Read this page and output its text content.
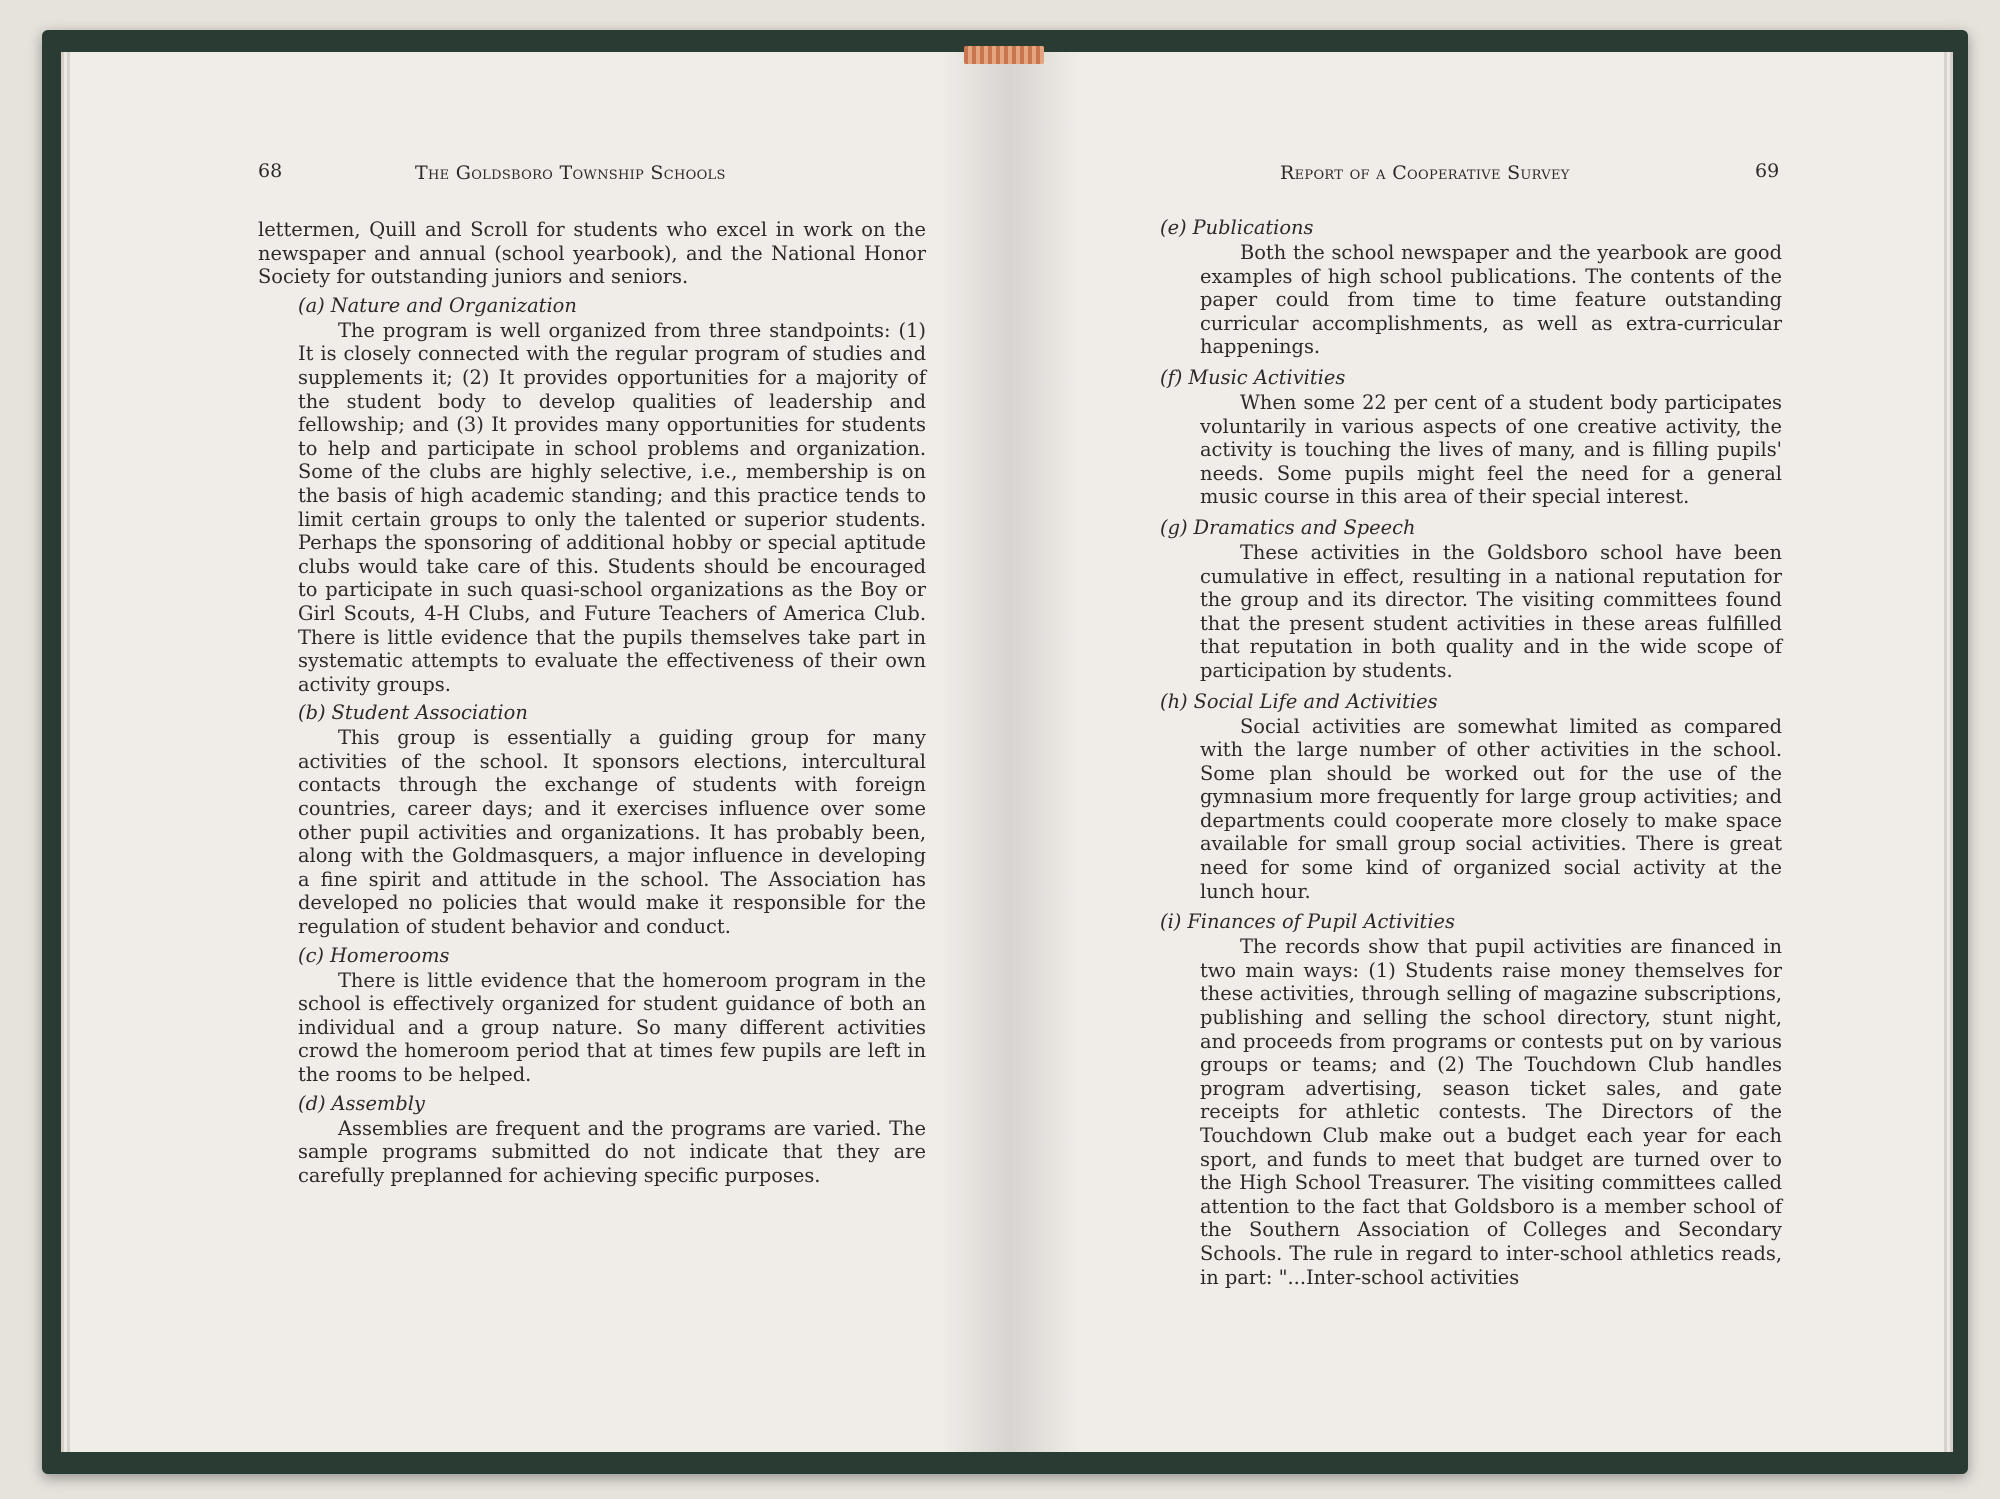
68	The Goldsboro Township Schools

lettermen, Quill and Scroll for students who excel in work on the newspaper and annual (school yearbook), and the National Honor Society for outstanding juniors and seniors.

(a) Nature and Organization

The program is well organized from three standpoints: (1) It is closely connected with the regular program of studies and supplements it; (2) It provides opportunities for a majority of the student body to develop qualities of leadership and fellowship; and (3) It provides many opportunities for students to help and participate in school problems and organization. Some of the clubs are highly selective, i.e., membership is on the basis of high academic standing; and this practice tends to limit certain groups to only the talented or superior students. Perhaps the sponsoring of additional hobby or special aptitude clubs would take care of this. Students should be encouraged to participate in such quasi-school organizations as the Boy or Girl Scouts, 4-H Clubs, and Future Teachers of America Club. There is little evidence that the pupils themselves take part in systematic attempts to evaluate the effectiveness of their own activity groups.

(b) Student Association

This group is essentially a guiding group for many activities of the school. It sponsors elections, intercultural contacts through the exchange of students with foreign countries, career days; and it exercises influence over some other pupil activities and organizations. It has probably been, along with the Goldmasquers, a major influence in developing a fine spirit and attitude in the school. The Association has developed no policies that would make it responsible for the regulation of student behavior and conduct.

(c) Homerooms

There is little evidence that the homeroom program in the school is effectively organized for student guidance of both an individual and a group nature. So many different activities crowd the homeroom period that at times few pupils are left in the rooms to be helped.

(d) Assembly

Assemblies are frequent and the programs are varied. The sample programs submitted do not indicate that they are carefully preplanned for achieving specific purposes.

Report of a Cooperative Survey	69
(e) Publications

Both the school newspaper and the yearbook are good examples of high school publications. The contents of the paper could from time to time feature outstanding curricular accomplishments, as well as extra-curricular happenings.

(f) Music Activities

When some 22 per cent of a student body participates voluntarily in various aspects of one creative activity, the activity is touching the lives of many, and is filling pupils' needs. Some pupils might feel the need for a general music course in this area of their special interest.

(g) Dramatics and Speech

These activities in the Goldsboro school have been cumulative in effect, resulting in a national reputation for the group and its director. The visiting committees found that the present student activities in these areas fulfilled that reputation in both quality and in the wide scope of participation by students.

(h) Social Life and Activities

Social activities are somewhat limited as compared with the large number of other activities in the school. Some plan should be worked out for the use of the gymnasium more frequently for large group activities; and departments could cooperate more closely to make space available for small group social activities. There is great need for some kind of organized social activity at the lunch hour.

(i) Finances of Pupil Activities

The records show that pupil activities are financed in two main ways: (1) Students raise money themselves for these activities, through selling of magazine subscriptions, publishing and selling the school directory, stunt night, and proceeds from programs or contests put on by various groups or teams; and (2) The Touchdown Club handles program advertising, season ticket sales, and gate receipts for athletic contests. The Directors of the Touchdown Club make out a budget each year for each sport, and funds to meet that budget are turned over to the High School Treasurer. The visiting committees called attention to the fact that Goldsboro is a member school of the Southern Association of Colleges and Secondary Schools. The rule in regard to inter-school athletics reads, in part: "...Inter-school activities
